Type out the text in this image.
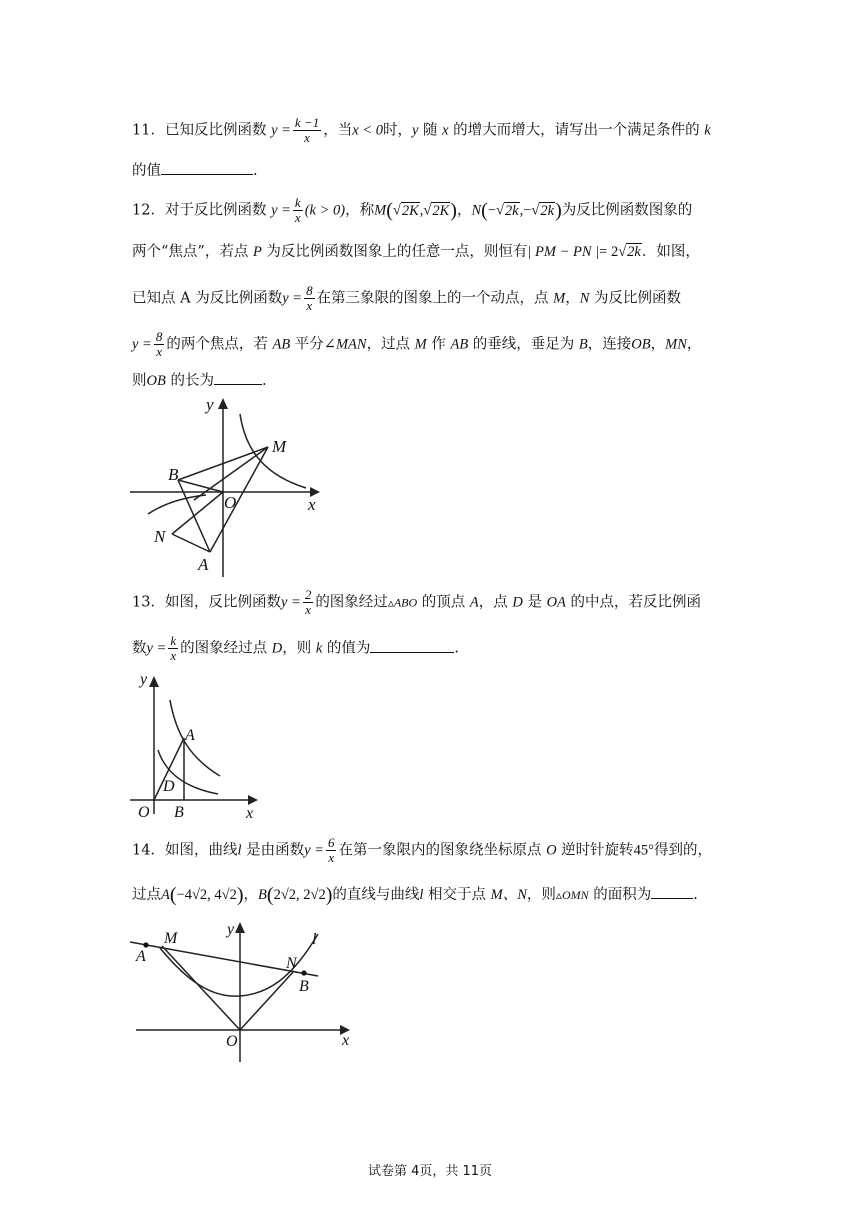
11．已知反比例函数 $y = \frac{k -1}{x}$ ，当x < 0时，y 随 x 的增大而增大，请写出一个满足条件的 k
的值	.
12．对于反比例函数 $y = \frac{k}{x} (k > 0)$，称M(√2K,√2K)，N(−√2k,−√2k)为反比例函数图象的
两个“焦点”，若点 P 为反比例函数图象上的任意一点，则恒有| PM − PN |= 2√2k．如图，
已知点 A 为反比例函数$y = \frac{8}{x}$ 在第三象限的图象上的一个动点，点 M，N 为反比例函数
$y = \frac{8}{x}$ 的两个焦点，若 AB 平分∠MAN，过点 M 作 AB 的垂线，垂足为 B，连接OB，MN，
则OB 的长为	.
y
M
B
O	x
N
A
13．如图，反比例函数$y = \frac{2}{x}$ 的图象经过▵ABO 的顶点 A，点 D 是 OA 的中点，若反比例函
数$y = \frac{k}{x}$ 的图象经过点 D，则 k 的值为	.
y
A
D
O B	x
14．如图，曲线l 是由函数$y = \frac{6}{x}$ 在第一象限内的图象绕坐标原点 O 逆时针旋转45°得到的，
过点A(−4√2, 4√2)，B(2√2, 2√2)的直线与曲线l 相交于点 M、N，则▵OMN 的面积为	.
M
A
y
l
N
B
O	x
试卷第 4页，共 11页
